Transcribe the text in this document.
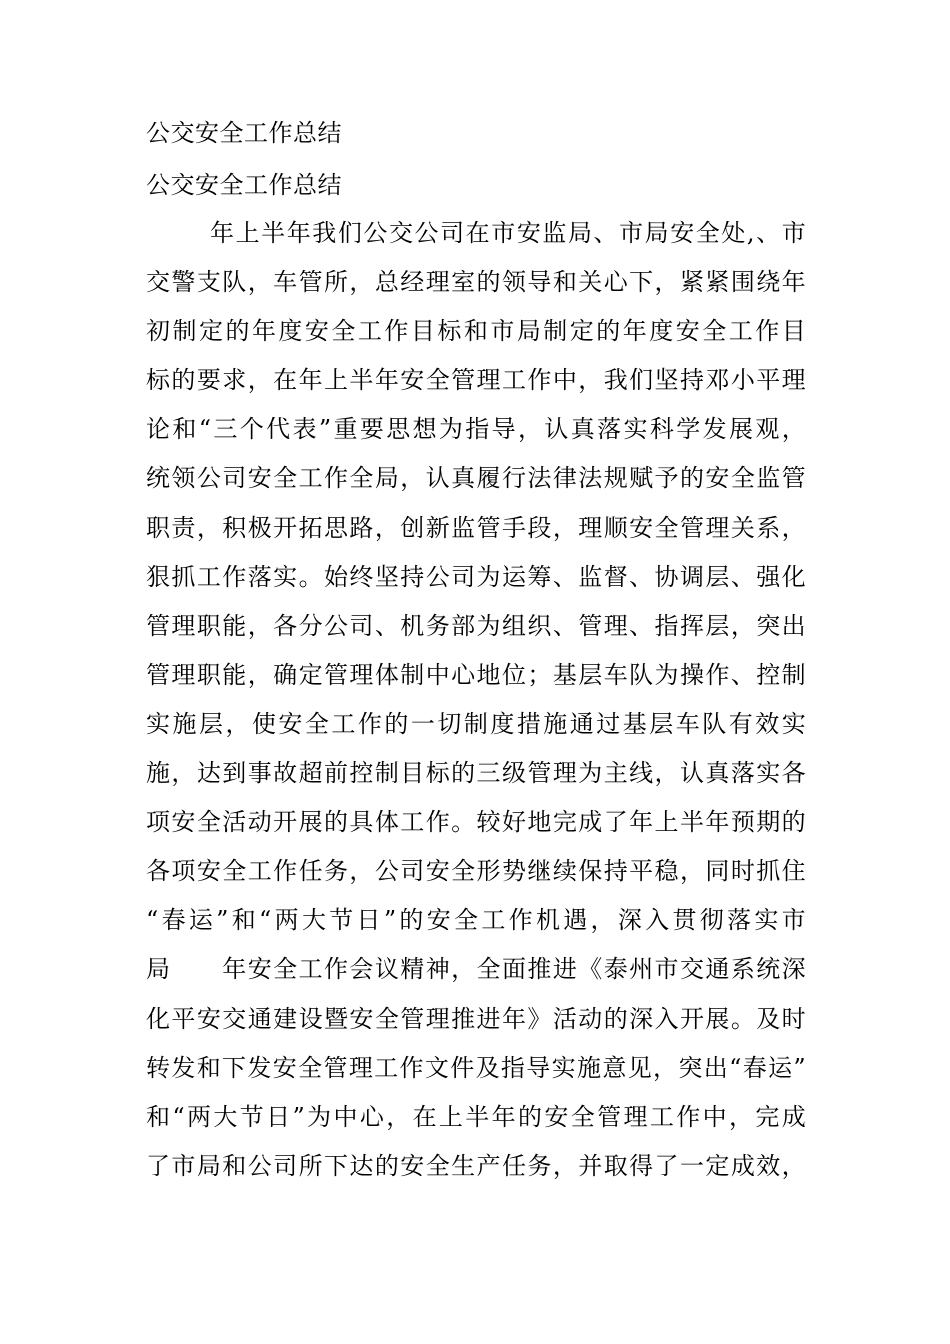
公交安全工作总结
公交安全工作总结
年上半年我们公交公司在市安监局、市局安全处,、市
交警支队，车管所，总经理室的领导和关心下，紧紧围绕年
初制定的年度安全工作目标和市局制定的年度安全工作目
标的要求，在年上半年安全管理工作中，我们坚持邓小平理
论和“三个代表”重要思想为指导，认真落实科学发展观，
统领公司安全工作全局，认真履行法律法规赋予的安全监管
职责，积极开拓思路，创新监管手段，理顺安全管理关系，
狠抓工作落实。始终坚持公司为运筹、监督、协调层、强化
管理职能，各分公司、机务部为组织、管理、指挥层，突出
管理职能，确定管理体制中心地位；基层车队为操作、控制
实施层，使安全工作的一切制度措施通过基层车队有效实
施，达到事故超前控制目标的三级管理为主线，认真落实各
项安全活动开展的具体工作。较好地完成了年上半年预期的
各项安全工作任务，公司安全形势继续保持平稳，同时抓住
“春运”和“两大节日”的安全工作机遇，深入贯彻落实市
局　　年安全工作会议精神，全面推进《泰州市交通系统深
化平安交通建设暨安全管理推进年》活动的深入开展。及时
转发和下发安全管理工作文件及指导实施意见，突出“春运”
和“两大节日”为中心，在上半年的安全管理工作中，完成
了市局和公司所下达的安全生产任务，并取得了一定成效，
